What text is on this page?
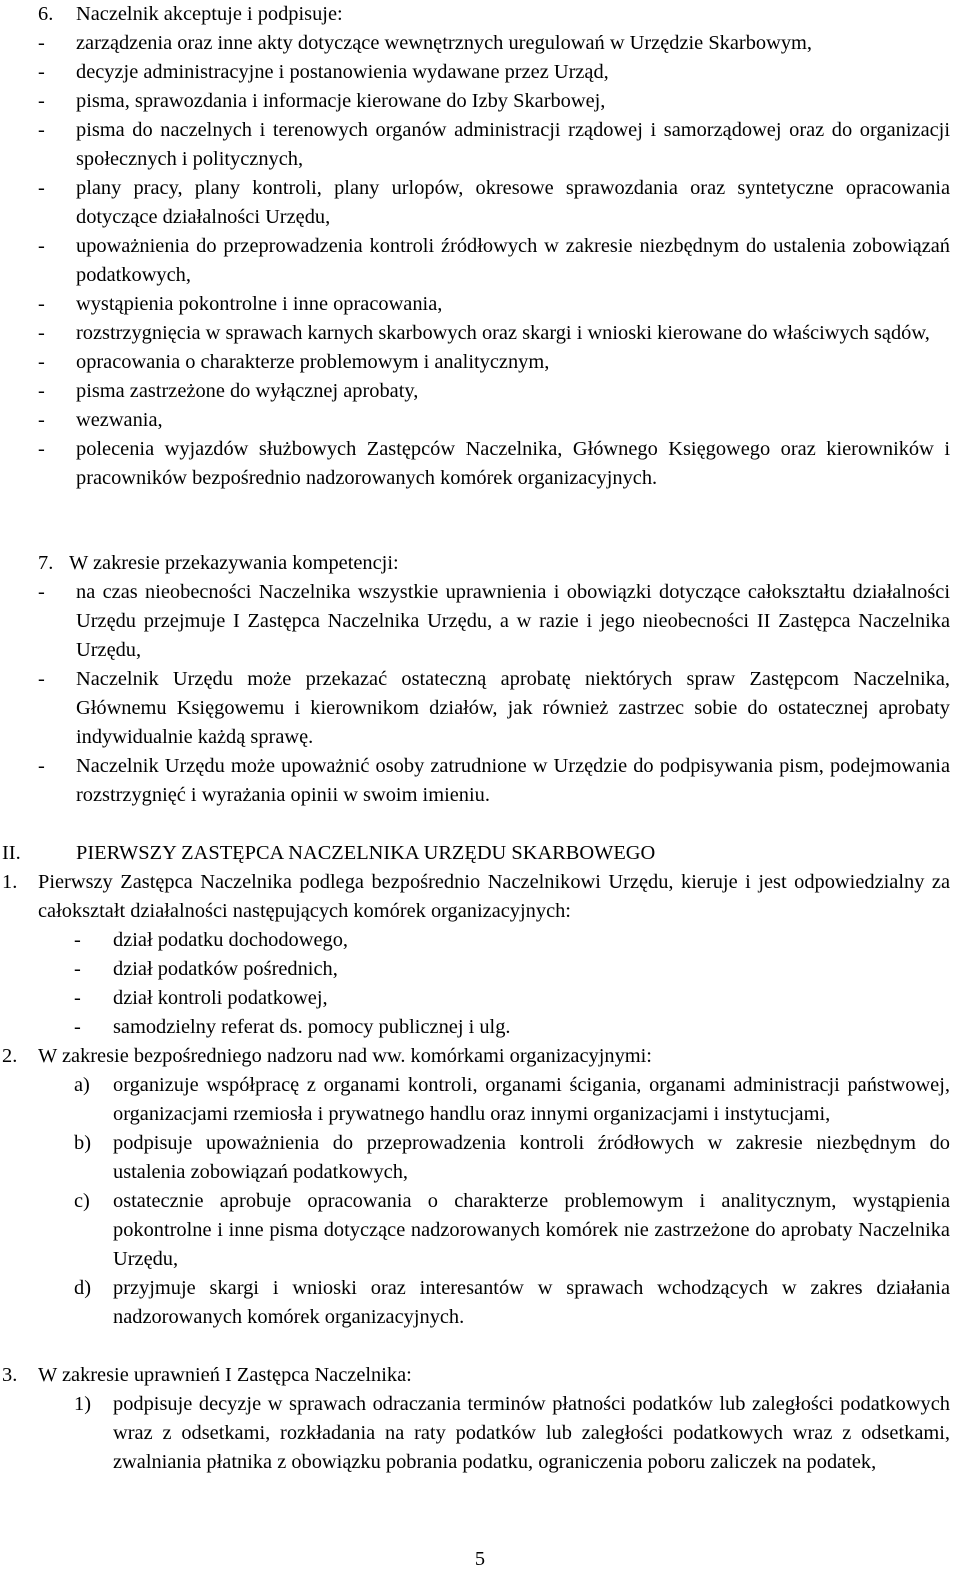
6. Naczelnik akceptuje i podpisuje:
- zarządzenia oraz inne akty dotyczące wewnętrznych uregulowań w Urzędzie Skarbowym,
- decyzje administracyjne i postanowienia wydawane przez Urząd,
- pisma, sprawozdania i informacje kierowane do Izby Skarbowej,
- pisma do naczelnych i terenowych organów administracji rządowej i samorządowej oraz do organizacji społecznych i politycznych,
- plany pracy, plany kontroli, plany urlopów, okresowe sprawozdania oraz syntetyczne opracowania dotyczące działalności Urzędu,
- upoważnienia do przeprowadzenia kontroli źródłowych w zakresie niezbędnym do ustalenia zobowiązań podatkowych,
- wystąpienia pokontrolne i inne opracowania,
- rozstrzygnięcia w sprawach karnych skarbowych oraz skargi i wnioski kierowane do właściwych sądów,
- opracowania o charakterze problemowym i analitycznym,
- pisma zastrzeżone do wyłącznej aprobaty,
- wezwania,
- polecenia wyjazdów służbowych Zastępców Naczelnika, Głównego Księgowego oraz kierowników i pracowników bezpośrednio nadzorowanych komórek organizacyjnych.
7. W zakresie przekazywania kompetencji:
- na czas nieobecności Naczelnika wszystkie uprawnienia i obowiązki dotyczące całokształtu działalności Urzędu przejmuje I Zastępca Naczelnika Urzędu, a w razie i jego nieobecności II Zastępca Naczelnika Urzędu,
- Naczelnik Urzędu może przekazać ostateczną aprobatę niektórych spraw Zastępcom Naczelnika, Głównemu Księgowemu i kierownikom działów, jak również zastrzec sobie do ostatecznej aprobaty indywidualnie każdą sprawę.
- Naczelnik Urzędu może upoważnić osoby zatrudnione w Urzędzie do podpisywania pism, podejmowania rozstrzygnięć i wyrażania opinii w swoim imieniu.
II.	PIERWSZY ZASTĘPCA NACZELNIKA URZĘDU SKARBOWEGO
1. Pierwszy Zastępca Naczelnika podlega bezpośrednio Naczelnikowi Urzędu, kieruje i jest odpowiedzialny za całokształt działalności następujących komórek organizacyjnych:
- dział podatku dochodowego,
- dział podatków pośrednich,
- dział kontroli podatkowej,
- samodzielny referat ds. pomocy publicznej i ulg.
2. W zakresie bezpośredniego nadzoru nad ww. komórkami organizacyjnymi:
a) organizuje współpracę z organami kontroli, organami ścigania, organami administracji państwowej, organizacjami rzemiosła i prywatnego handlu oraz innymi organizacjami i instytucjami,
b) podpisuje upoważnienia do przeprowadzenia kontroli źródłowych w zakresie niezbędnym do ustalenia zobowiązań podatkowych,
c) ostatecznie aprobuje opracowania o charakterze problemowym i analitycznym, wystąpienia pokontrolne i inne pisma dotyczące nadzorowanych komórek nie zastrzeżone do aprobaty Naczelnika Urzędu,
d) przyjmuje skargi i wnioski oraz interesantów w sprawach wchodzących w zakres działania nadzorowanych komórek organizacyjnych.
3. W zakresie uprawnień I Zastępca Naczelnika:
1) podpisuje decyzje w sprawach odraczania terminów płatności podatków lub zaległości podatkowych wraz z odsetkami, rozkładania na raty podatków lub zaległości podatkowych wraz z odsetkami, zwalniania płatnika z obowiązku pobrania podatku, ograniczenia poboru zaliczek na podatek,
5
